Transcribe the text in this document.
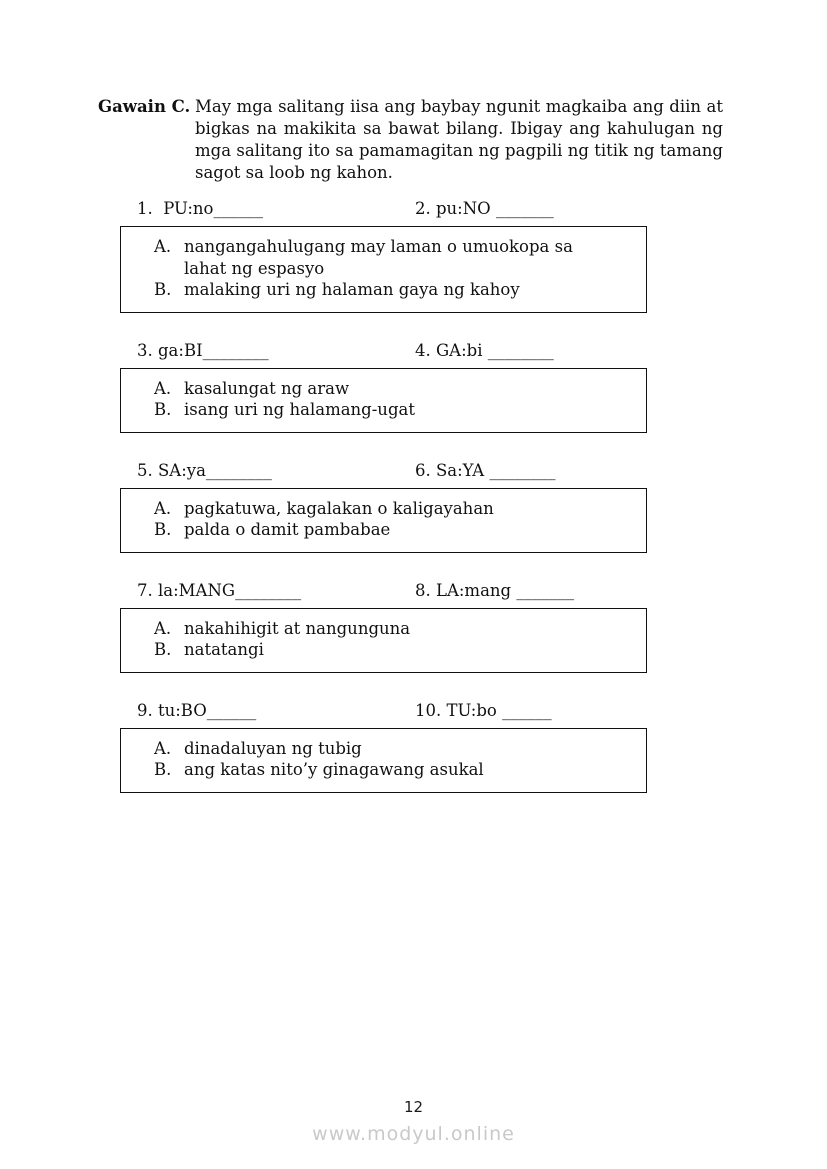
Gawain C. May mga salitang iisa ang baybay ngunit magkaiba ang diin at bigkas na makikita sa bawat bilang. Ibigay ang kahulugan ng mga salitang ito sa pamamagitan ng pagpili ng titik ng tamang sagot sa loob ng kahon.
1.  PU:no______	2. pu:NO _______
A. nangangahulugang may laman o umuokopa sa lahat ng espasyo
B. malaking uri ng halaman gaya ng kahoy
3. ga:BI________	4. GA:bi ________
A. kasalungat ng araw
B. isang uri ng halamang-ugat
5. SA:ya________	6. Sa:YA ________
A. pagkatuwa, kagalakan o kaligayahan
B. palda o damit pambabae
7. la:MANG________	8. LA:mang _______
A. nakahihigit at nangunguna
B. natatangi
9. tu:BO______	10. TU:bo ______
A. dinadaluyan ng tubig
B. ang katas nito’y ginagawang asukal
12
www.modyul.online
